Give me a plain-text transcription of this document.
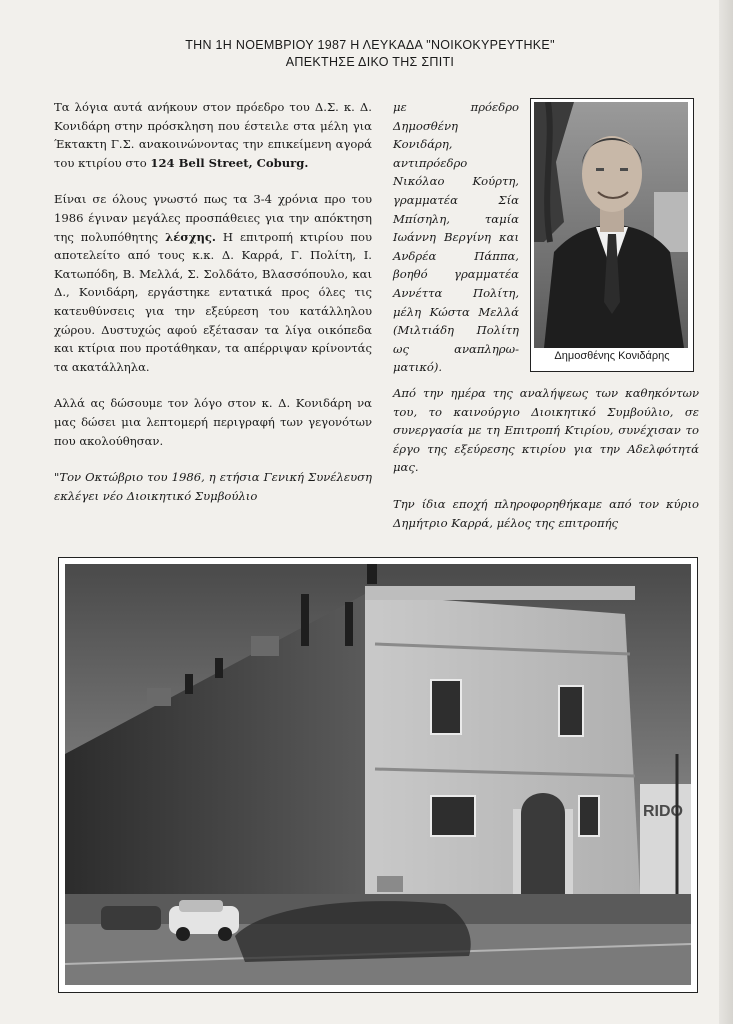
ΤΗΝ 1Η ΝΟΕΜΒΡΙΟΥ 1987 Η ΛΕΥΚΑΔΑ "ΝΟΙΚΟΚΥΡΕΥΤΗΚΕ"
ΑΠΕΚΤΗΣΕ ΔΙΚΟ ΤΗΣ ΣΠΙΤΙ

Τα λόγια αυτά ανήκουν στον πρόεδρο του Δ.Σ. κ. Δ. Κονιδάρη στην πρόσκληση που έστειλε στα μέλη για Έκτακτη Γ.Σ. ανακοινώνοντας την επικείμενη αγορά του κτιρίου στο 124 Bell Street, Coburg.

Είναι σε όλους γνωστό πως τα 3-4 χρόνια προ του 1986 έγιναν μεγάλες προσπάθειες για την απόκτηση της πολυπόθητης λέσχης. Η επιτροπή κτιρίου που αποτελείτο από τους κ.κ. Δ. Καρρά, Γ. Πολίτη, Ι. Κατωπόδη, Β. Μελλά, Σ. Σολδάτο, Βλασσόπουλο, και Δ., Κονιδάρη, εργάστηκε εντατικά προς όλες τις κατευθύνσεις για την εξεύρεση του κατάλληλου χώρου. Δυστυχώς αφού εξέτασαν τα λίγα οικόπεδα και κτίρια που προτάθηκαν, τα απέρριψαν κρίνοντάς τα ακατάλληλα.

Αλλά ας δώσουμε τον λόγο στον κ. Δ. Κονιδάρη να μας δώσει μια λεπτομερή περιγραφή των γεγονότων που ακολούθησαν.

"Τον Οκτώβριο του 1986, η ετήσια Γενική Συνέλευση εκλέγει νέο Διοικητικό Συμβούλιο

με πρόεδρο
Δημοσθένη
Κονιδάρη,
αντιπρόεδρο
Νικόλαο Κούρτη,
γραμματέα Σία
Μπίσηλη, ταμία
Ιωάννη Βεργίνη και
Ανδρέα Πάππα,
βοηθό γραμματέα
Αννέττα Πολίτη,
μέλη Κώστα Μελλά
(Μιλτιάδη Πολίτη
ως αναπληρω-
ματικό).

Από την ημέρα της αναλήψεως των καθηκόντων του, το καινούργιο Διοικητικό Συμβούλιο, σε συνεργασία με τη Επιτροπή Κτιρίου, συνέχισαν το έργο της εξεύρεσης κτιρίου για την Αδελφότητά μας.

Την ίδια εποχή πληροφορηθήκαμε από τον κύριο Δημήτριο Καρρά, μέλος της επιτροπής

Δημοσθένης Κονιδάρης
RIDO
